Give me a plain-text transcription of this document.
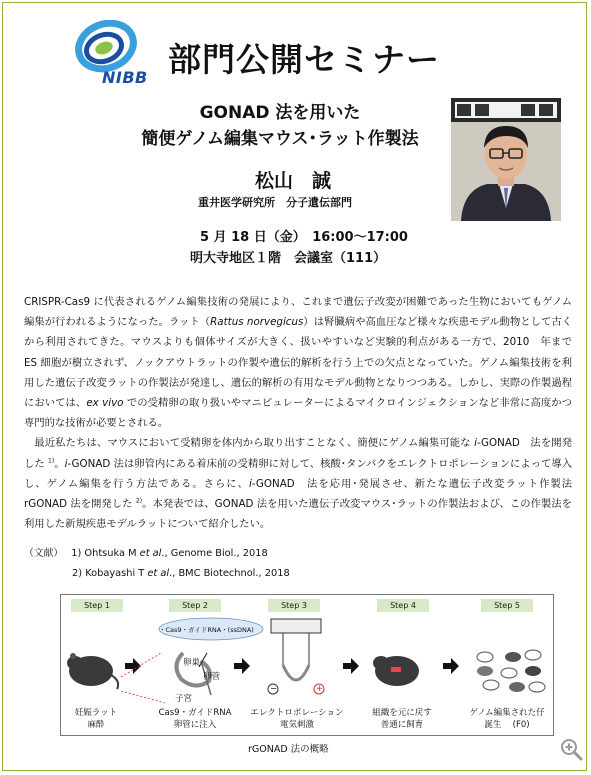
NIBB 部門公開セミナー
GONAD 法を用いた
簡便ゲノム編集マウス･ラット作製法
松山　誠
重井医学研究所　分子遺伝部門
5 月 18 日（金）　16:00～17:00
明大寺地区１階　会議室（111）

CRISPR-Cas9 に代表されるゲノム編集技術の発展により、これまで遺伝子改変が困難であった生物においてもゲノム編集が行われるようになった。ラット（Rattus norvegicus）は腎臓病や高血圧など様々な疾患モデル動物として古くから利用されてきた。マウスよりも個体サイズが大きく、扱いやすいなど実験的利点がある一方で、2010　年まで　ES 細胞が樹立されず、ノックアウトラットの作製や遺伝的解析を行う上での欠点となっていた。ゲノム編集技術を利用した遺伝子改変ラットの作製法が発達し、遺伝的解析の有用なモデル動物となりつつある。しかし、実際の作製過程においては、ex vivo での受精卵の取り扱いやマニピュレーターによるマイクロインジェクションなど非常に高度かつ専門的な技術が必要とされる。

最近私たちは、マウスにおいて受精卵を体内から取り出すことなく、簡便にゲノム編集可能な i-GONAD　法を開発した $^{1)}$。i-GONAD 法は卵管内にある着床前の受精卵に対して、核酸･タンパクをエレクトロポレーションによって導入し、ゲノム編集を行う方法である。さらに、i-GONAD　法を応用･発展させ、新たな遺伝子改変ラット作製法　rGONAD 法を開発した $^{2)}$。本発表では、GONAD 法を用いた遺伝子改変マウス･ラットの作製法および、この作製法を利用した新規疾患モデルラットについて紹介したい。

（文献）　 1) Ohtsuka M et al., Genome Biol., 2018
2) Kobayashi T et al., BMC Biotechnol., 2018
Step 1	Step 2	Step 3	Step 4	Step 5
・Cas9・ガイドRNA・(ssDNA)
卵巣
卵管
子宮
−	+
妊娠ラット
麻酔
Cas9・ガイドRNA
卵管に注入
エレクトロポレーション
電気刺激
組織を元に戻す
普通に飼育
ゲノム編集された仔
誕生 　(F0)
rGONAD 法の概略
